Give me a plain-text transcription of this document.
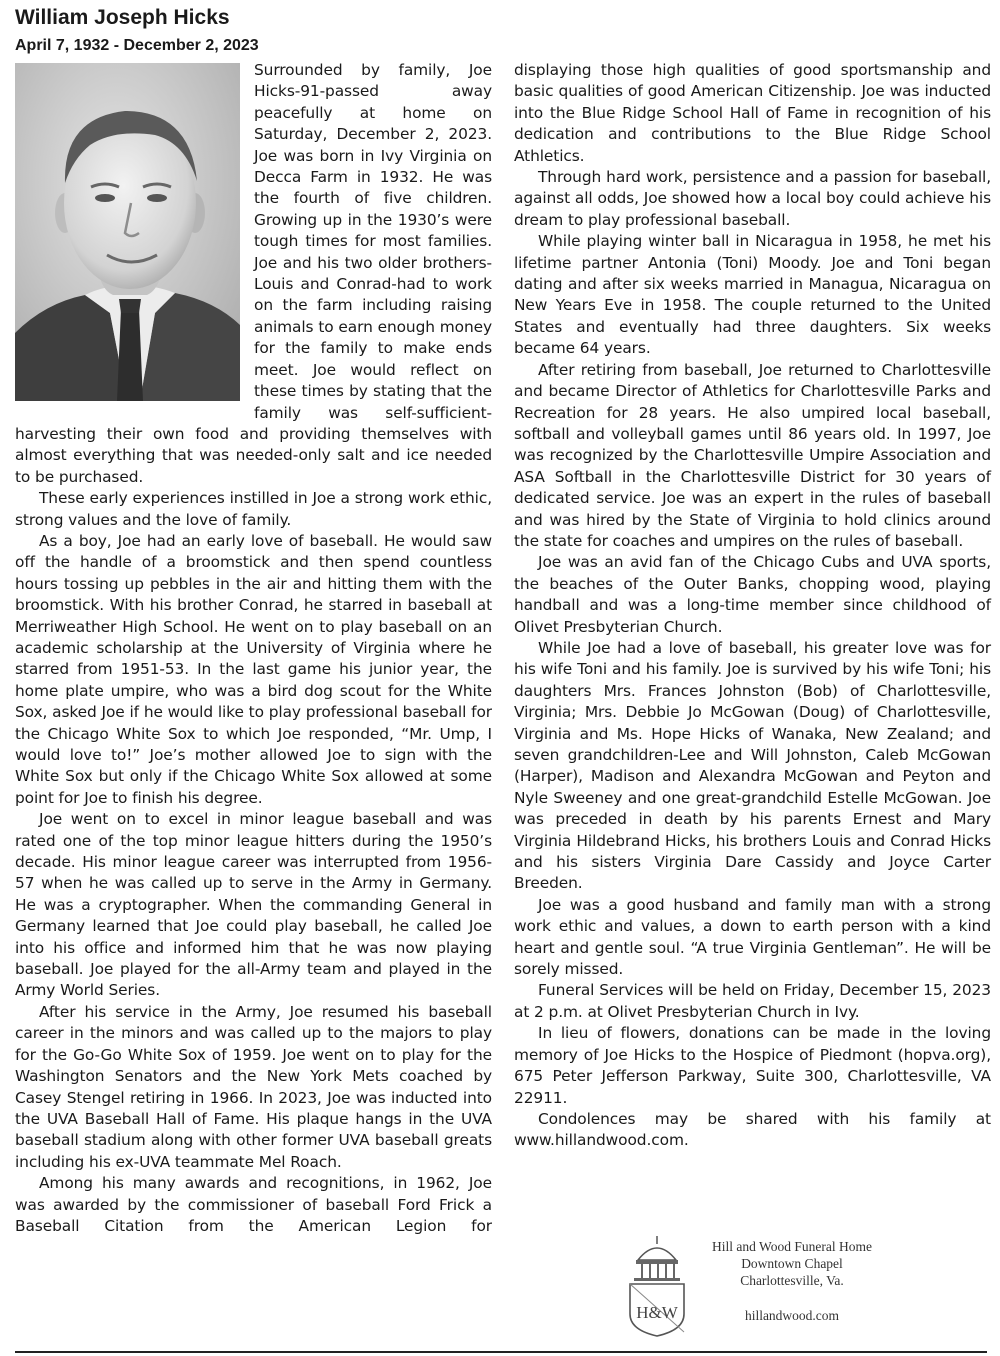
William Joseph Hicks
April 7, 1932 - December 2, 2023

Surrounded by family, Joe Hicks-91-passed away peacefully at home on Saturday, December 2, 2023. Joe was born in Ivy Virginia on Decca Farm in 1932. He was the fourth of five children. Growing up in the 1930’s were tough times for most families. Joe and his two older brothers-Louis and Conrad-had to work on the farm including raising animals to earn enough money for the family to make ends meet. Joe would reflect on these times by stating that the family was self-sufficient-harvesting their own food and providing themselves with almost everything that was needed-only salt and ice needed to be purchased.

These early experiences instilled in Joe a strong work ethic, strong values and the love of family.

As a boy, Joe had an early love of baseball. He would saw off the handle of a broomstick and then spend countless hours tossing up pebbles in the air and hitting them with the broomstick. With his brother Conrad, he starred in baseball at Merriweather High School. He went on to play baseball on an academic scholarship at the University of Virginia where he starred from 1951-53. In the last game his junior year, the home plate umpire, who was a bird dog scout for the White Sox, asked Joe if he would like to play professional baseball for the Chicago White Sox to which Joe responded, “Mr. Ump, I would love to!” Joe’s mother allowed Joe to sign with the White Sox but only if the Chicago White Sox allowed at some point for Joe to finish his degree.

Joe went on to excel in minor league baseball and was rated one of the top minor league hitters during the 1950’s decade. His minor league career was interrupted from 1956-57 when he was called up to serve in the Army in Germany. He was a cryptographer. When the commanding General in Germany learned that Joe could play baseball, he called Joe into his office and informed him that he was now playing baseball. Joe played for the all-Army team and played in the Army World Series.

After his service in the Army, Joe resumed his baseball career in the minors and was called up to the majors to play for the Go-Go White Sox of 1959. Joe went on to play for the Washington Senators and the New York Mets coached by Casey Stengel retiring in 1966. In 2023, Joe was inducted into the UVA Baseball Hall of Fame. His plaque hangs in the UVA baseball stadium along with other former UVA baseball greats including his ex-UVA teammate Mel Roach.

Among his many awards and recognitions, in 1962, Joe was awarded by the commissioner of baseball Ford Frick a Baseball Citation from the American Legion for

displaying those high qualities of good sportsmanship and basic qualities of good American Citizenship. Joe was inducted into the Blue Ridge School Hall of Fame in recognition of his dedication and contributions to the Blue Ridge School Athletics.

Through hard work, persistence and a passion for baseball, against all odds, Joe showed how a local boy could achieve his dream to play professional baseball.

While playing winter ball in Nicaragua in 1958, he met his lifetime partner Antonia (Toni) Moody. Joe and Toni began dating and after six weeks married in Managua, Nicaragua on New Years Eve in 1958. The couple returned to the United States and eventually had three daughters. Six weeks became 64 years.

After retiring from baseball, Joe returned to Charlottesville and became Director of Athletics for Charlottesville Parks and Recreation for 28 years. He also umpired local baseball, softball and volleyball games until 86 years old. In 1997, Joe was recognized by the Charlottesville Umpire Association and ASA Softball in the Charlottesville District for 30 years of dedicated service. Joe was an expert in the rules of baseball and was hired by the State of Virginia to hold clinics around the state for coaches and umpires on the rules of baseball.

Joe was an avid fan of the Chicago Cubs and UVA sports, the beaches of the Outer Banks, chopping wood, playing handball and was a long-time member since childhood of Olivet Presbyterian Church.

While Joe had a love of baseball, his greater love was for his wife Toni and his family. Joe is survived by his wife Toni; his daughters Mrs. Frances Johnston (Bob) of Charlottesville, Virginia; Mrs. Debbie Jo McGowan (Doug) of Charlottesville, Virginia and Ms. Hope Hicks of Wanaka, New Zealand; and seven grandchildren-Lee and Will Johnston, Caleb McGowan (Harper), Madison and Alexandra McGowan and Peyton and Nyle Sweeney and one great-grandchild Estelle McGowan. Joe was preceded in death by his parents Ernest and Mary Virginia Hildebrand Hicks, his brothers Louis and Conrad Hicks and his sisters Virginia Dare Cassidy and Joyce Carter Breeden.

Joe was a good husband and family man with a strong work ethic and values, a down to earth person with a kind heart and gentle soul. “A true Virginia Gentleman”. He will be sorely missed.

Funeral Services will be held on Friday, December 15, 2023 at 2 p.m. at Olivet Presbyterian Church in Ivy.

In lieu of flowers, donations can be made in the loving memory of Joe Hicks to the Hospice of Piedmont (hopva.org), 675 Peter Jefferson Parkway, Suite 300, Charlottesville, VA 22911.

Condolences may be shared with his family at www.hillandwood.com.

H&W
Hill and Wood Funeral Home
Downtown Chapel
Charlottesville, Va.
hillandwood.com
